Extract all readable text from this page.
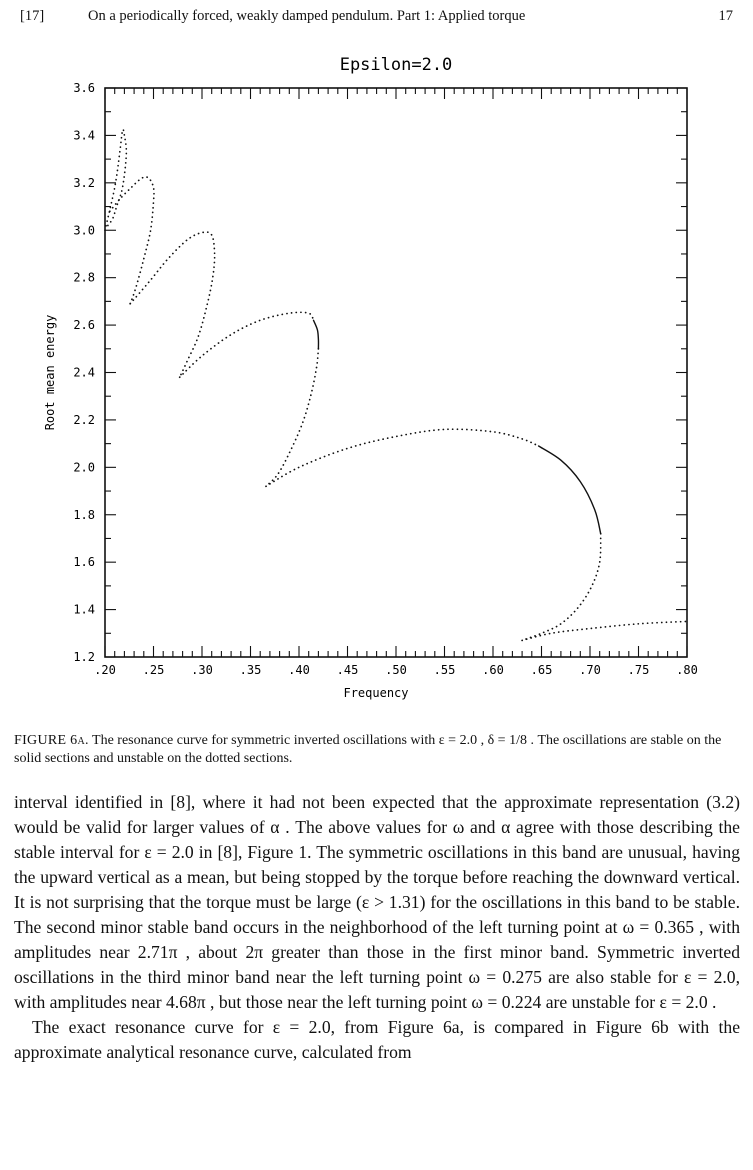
[17]	On a periodically forced, weakly damped pendulum. Part 1: Applied torque	17
Epsilon=2.0
.20 .25 .30 .35 .40 .45 .50 .55 .60 .65 .70 .75 .80
1.2
1.4
1.6
1.8
2.0
2.2
2.4
2.6
2.8
3.0
3.2
3.4
3.6
Frequency
Root mean energy
FIGURE 6a. The resonance curve for symmetric inverted oscillations with ε = 2.0 , δ = 1/8 . The oscillations are stable on the solid sections and unstable on the dotted sections.

interval identified in [8], where it had not been expected that the approximate representation (3.2) would be valid for larger values of α . The above values for ω and α agree with those describing the stable interval for ε = 2.0 in [8], Figure 1. The symmetric oscillations in this band are unusual, having the upward vertical as a mean, but being stopped by the torque before reaching the downward vertical. It is not surprising that the torque must be large (ε > 1.31) for the oscillations in this band to be stable. The second minor stable band occurs in the neighborhood of the left turning point at ω = 0.365 , with amplitudes near 2.71π , about 2π greater than those in the first minor band. Symmetric inverted oscillations in the third minor band near the left turning point ω = 0.275 are also stable for ε = 2.0, with amplitudes near 4.68π , but those near the left turning point ω = 0.224 are unstable for ε = 2.0 .

The exact resonance curve for ε = 2.0, from Figure 6a, is compared in Figure 6b with the approximate analytical resonance curve, calculated from
